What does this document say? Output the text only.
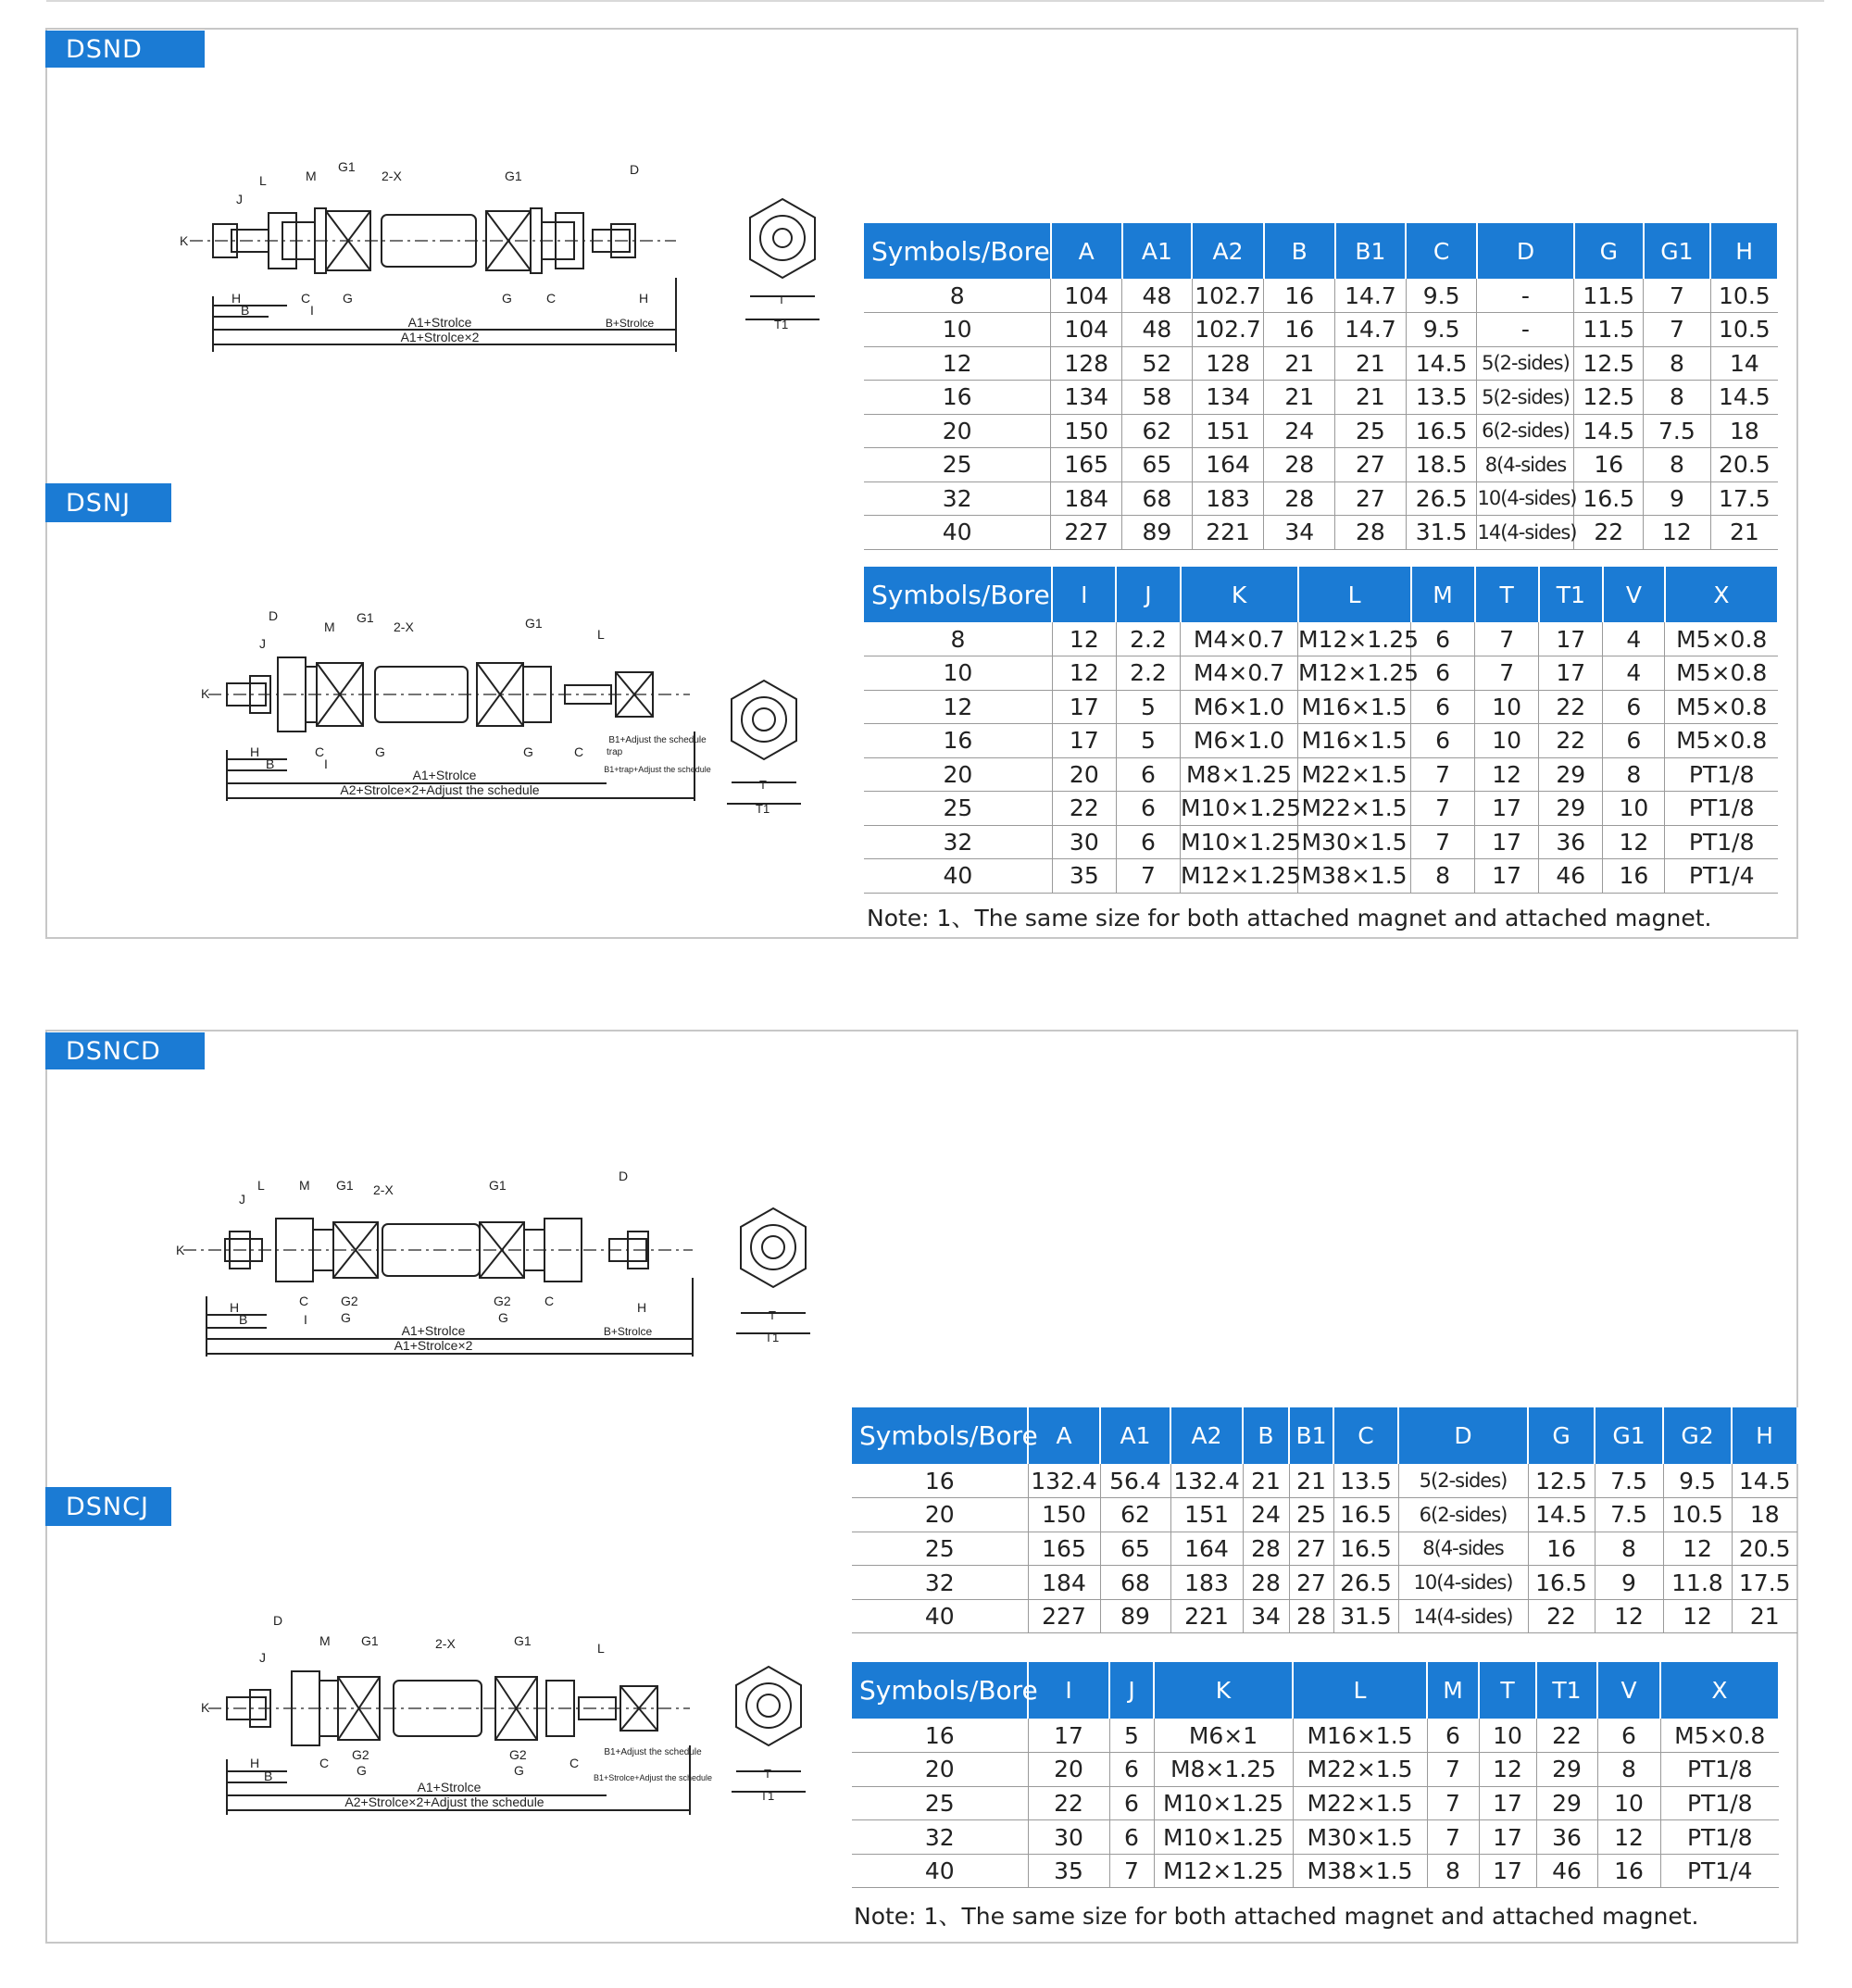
DSND
DSNJ
A1+Strolce
A1+Strolce×2
B+Strolce
L	M
G1
2-X	G1	D
J
K
H
B
C
I
G	G	C	H	T
T1
A1+Strolce
A2+Strolce×2+Adjust the schedule
B1+Adjust the schedule
B1+trap+Adjust the schedule
trap
D
M
G1
2-X	G1
L
J
K
H
B
C
I
G	G	C
T
T1
Symbols/Bore	A	A1	A2	B	B1	C	D	G	G1	H
8	104	48	102.7	16	14.7	9.5	-	11.5	7	10.5
10	104	48	102.7	16	14.7	9.5	-	11.5	7	10.5
12	128	52	128	21	21	14.5	5(2-sides)	12.5	8	14
16	134	58	134	21	21	13.5	5(2-sides)	12.5	8	14.5
20	150	62	151	24	25	16.5	6(2-sides)	14.5	7.5	18
25	165	65	164	28	27	18.5	8(4-sides	16	8	20.5
32	184	68	183	28	27	26.5	10(4-sides)	16.5	9	17.5
40	227	89	221	34	28	31.5	14(4-sides)	22	12	21
Symbols/Bore	I	J	K	L	M	T	T1	V	X
8	12	2.2	M4×0.7	M12×1.25	6	7	17	4	M5×0.8
10	12	2.2	M4×0.7	M12×1.25	6	7	17	4	M5×0.8
12	17	5	M6×1.0	M16×1.5	6	10	22	6	M5×0.8
16	17	5	M6×1.0	M16×1.5	6	10	22	6	M5×0.8
20	20	6	M8×1.25	M22×1.5	7	12	29	8	PT1/8
25	22	6	M10×1.25	M22×1.5	7	17	29	10	PT1/8
32	30	6	M10×1.25	M30×1.5	7	17	36	12	PT1/8
40	35	7	M12×1.25	M38×1.5	8	17	46	16	PT1/4
Note: 1、The same size for both attached magnet and attached magnet.
DSNCD
DSNCJ
A1+Strolce
A1+Strolce×2
B+Strolce
L	M G1 2-X	G1
D
J
K
H
B
C
I
G2
G
G2
G
C	H
T
T1
A1+Strolce
A2+Strolce×2+Adjust the schedule
B1+Adjust the schedule
B1+Strolce+Adjust the schedule
D
M G1	2-X	G1	L
J
K
H
B
C
G2
G
G2
G	C
T
T1
Symbols/Bore	A	A1	A2	B	B1	C	D	G	G1	G2	H
16	132.4	56.4	132.4	21	21	13.5	5(2-sides)	12.5	7.5	9.5	14.5
20	150	62	151	24	25	16.5	6(2-sides)	14.5	7.5	10.5	18
25	165	65	164	28	27	16.5	8(4-sides	16	8	12	20.5
32	184	68	183	28	27	26.5	10(4-sides)	16.5	9	11.8	17.5
40	227	89	221	34	28	31.5	14(4-sides)	22	12	12	21
Symbols/Bore	I	J	K	L	M	T	T1	V	X
16	17	5	M6×1	M16×1.5	6	10	22	6	M5×0.8
20	20	6	M8×1.25	M22×1.5	7	12	29	8	PT1/8
25	22	6	M10×1.25	M22×1.5	7	17	29	10	PT1/8
32	30	6	M10×1.25	M30×1.5	7	17	36	12	PT1/8
40	35	7	M12×1.25	M38×1.5	8	17	46	16	PT1/4
Note: 1、The same size for both attached magnet and attached magnet.
